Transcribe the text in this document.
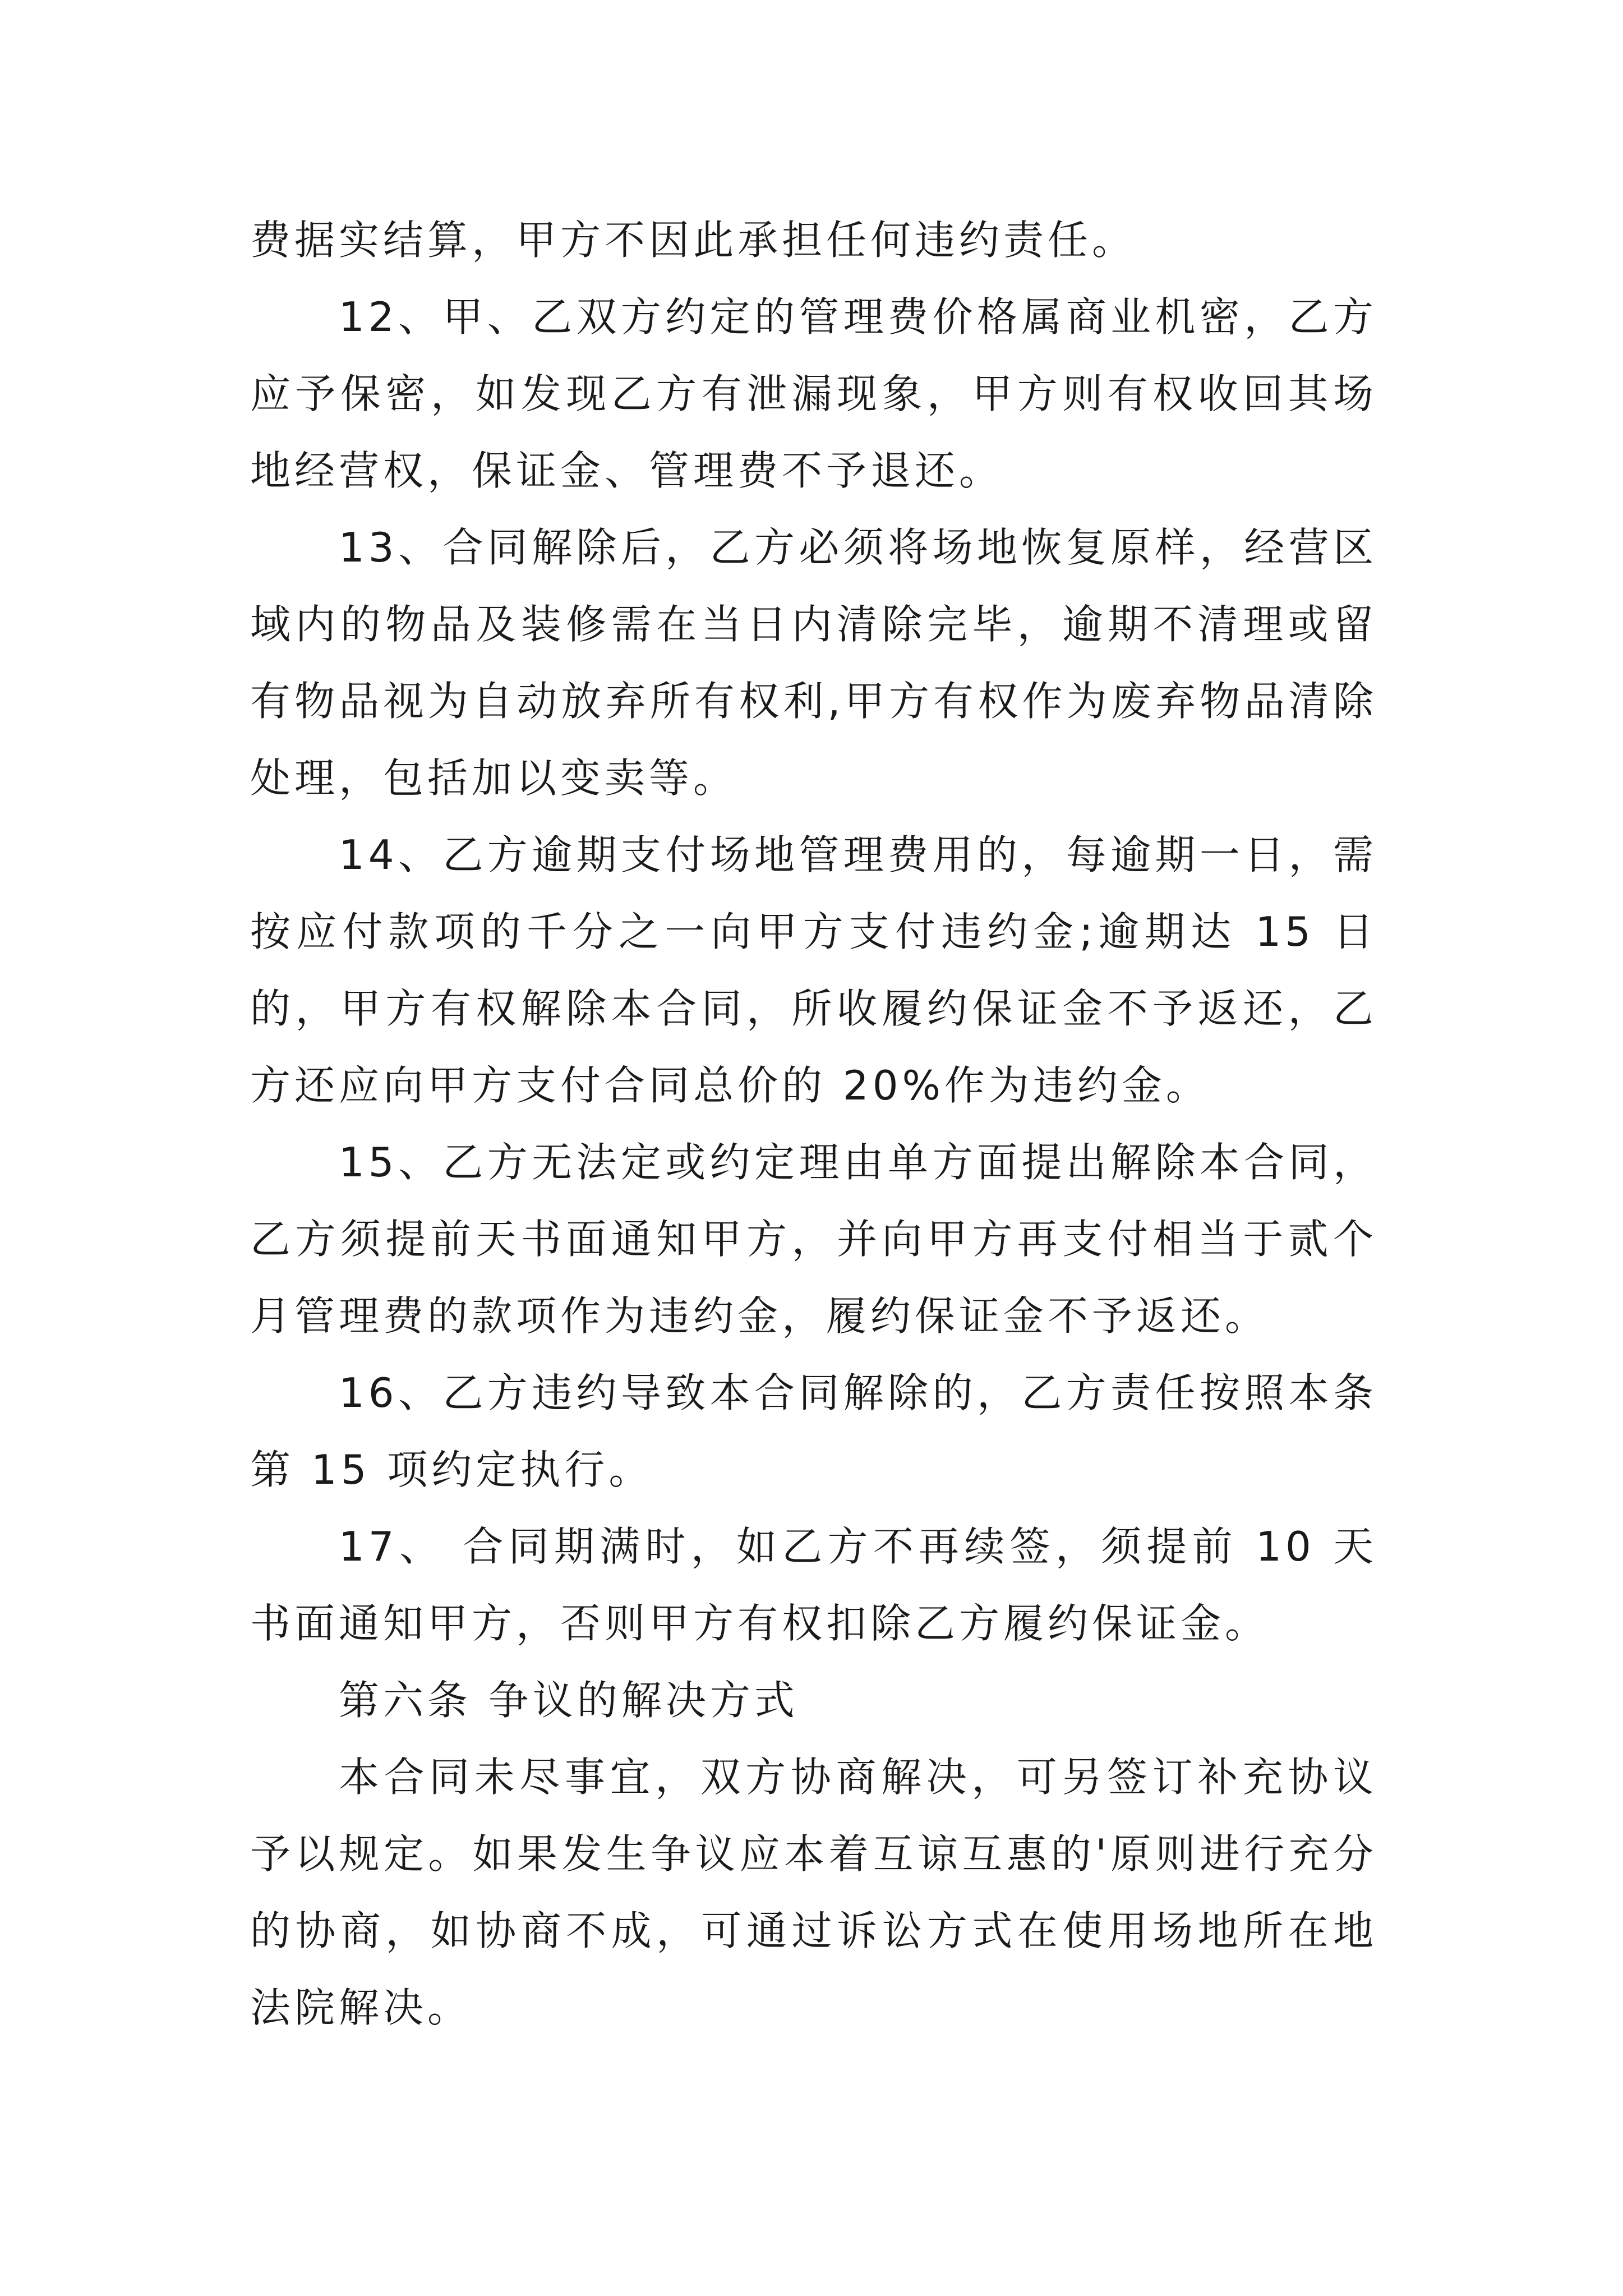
费据实结算，甲方不因此承担任何违约责任。

12、甲、乙双方约定的管理费价格属商业机密，乙方应予保密，如发现乙方有泄漏现象，甲方则有权收回其场地经营权，保证金、管理费不予退还。

13、合同解除后，乙方必须将场地恢复原样，经营区域内的物品及装修需在当日内清除完毕，逾期不清理或留有物品视为自动放弃所有权利,甲方有权作为废弃物品清除处理，包括加以变卖等。

14、乙方逾期支付场地管理费用的，每逾期一日，需按应付款项的千分之一向甲方支付违约金;逾期达 15 日的，甲方有权解除本合同，所收履约保证金不予返还，乙方还应向甲方支付合同总价的 20%作为违约金。

15、乙方无法定或约定理由单方面提出解除本合同，乙方须提前天书面通知甲方，并向甲方再支付相当于贰个月管理费的款项作为违约金，履约保证金不予返还。

16、乙方违约导致本合同解除的，乙方责任按照本条第 15 项约定执行。

17、 合同期满时，如乙方不再续签，须提前 10 天书面通知甲方，否则甲方有权扣除乙方履约保证金。

第六条 争议的解决方式

本合同未尽事宜，双方协商解决，可另签订补充协议予以规定。如果发生争议应本着互谅互惠的'原则进行充分的协商，如协商不成，可通过诉讼方式在使用场地所在地法院解决。
